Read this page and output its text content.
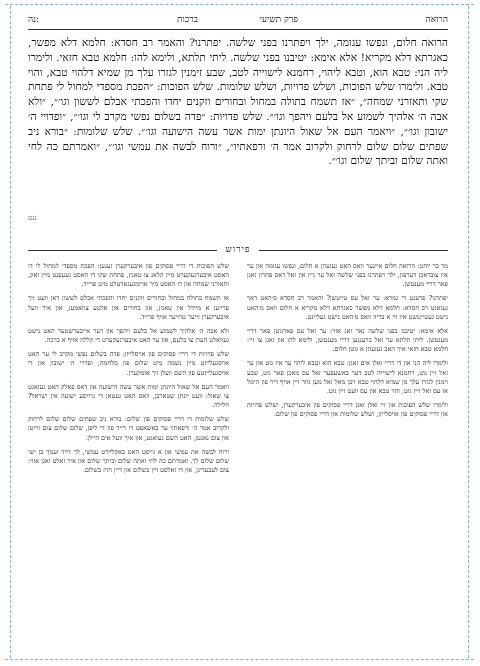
הרואה
פרק תשיעי
ברכות
נה:

הרואה חלום, ונפשו עגומה, ילך ויפתרנו בפני שלשה. יפתרנו? והאמר רב חסדא: חלמא דלא מפשר, כאגרתא דלא מקריא! אלא אימא: יטיבנו בפני שלשה. ליתי תלתא, ולימא להו: חלמא טבא חזאי. ולימרו ליה הני: טבא הוא, וטבא ליהוי, רחמנא לישוייה לטב, שבע זימנין לגזרו עלך מן שמיא דלהוי טבא, והוי טבא. ולימרו שלש הפוכות, ושלש פדויות, ושלש שלומות. שלש הפוכות: ״הפכת מספדי למחול לי פתחת שקי ותאזרני שמחה״, ״אז תשמח בתולה במחול ובחורים וזקנים יחדו והפכתי אבלם לששון וגו׳״, ״ולא אבה ה׳ אלהיך לשמוע אל בלעם ויהפך וגו׳״. שלש פדויות: ״פדה בשלום נפשי מקרב לי וגו׳״, ״ופדויי ה׳ ישובון וגו׳״, ״ויאמר העם אל שאול היונתן ימות אשר עשה הישועה וגו׳״. שלש שלומות: ״בורא ניב שפתים שלום שלום לרחוק ולקרוב אמר ה׳ ורפאתיו״, ״ורוח לבשה את עמשי וגו׳״, ״ואמרתם כה לחי ואתה שלום וביתך שלום וגו׳״.

ננט
פירוש

מר בר יוחנן: הרואה חלום איינער וואס האט געזעהן א חלום, ונפשו עגומה און ער איז צובראכן דערפון, ילך ויפתרנו בפני שלשה זאל ער גיין און זאל דאס פתרון זאגן פאר דריי מענטשן.

יפתרנו? פרעגט די גמרא: ער זאל עס טייטשן? והאמר רב חסדא ס׳האט דאך געזאגט רב חסדא: חלמא דלא מפשר כאגרתא דלא מקריא א חלום וואס מ׳האט נישט געטייטשט איז ווי א בריוו וואס מ׳האט נישט געליינט.

אלא אימא: יטיבנו בפני שלשה נאר זאג אזוי: ער זאל עס פארגוטן פאר דריי מענטשן. ליתי תלתא ער זאל ברענגען דריי מענטשן, ולימא להו און זאגן צו זיי: חלמא טבא חזאי איך האב געזעהן א גוטן חלום.

ולימרו ליה הני און די דריי זאלן אים זאגן: טבא הוא וטבא ליהוי ער איז גוט און ער זאל זיין גוט, רחמנא לישוייה לטב דער באשעפער זאל עס מאכן פאר גוט, שבע זימנין לגזרו עלך מן שמיא דלהוי טבא זיבן מאל זאל מען גוזר זיין אויף דיר פון הימל אז עס זאל זיין גוט, והוי טבא און עס וועט זיין גוט.

ולימרו שלש הפוכות און זיי זאלן זאגן דריי פסוקים פון איבערקערן, ושלש פדויות און דריי פסוקים פון אויסלייזן, ושלש שלומות און דריי פסוקים פון שלום.

שלש הפוכות די דריי פסוקים פון איבערקערן זענען: הפכת מספדי למחול לי דו האסט איבערגעקערט מיין קלאג צו טאנץ, פתחת שקי דו האסט געעפנט מיין זאק, ותאזרני שמחה און דו האסט מיך ארומגעגארטלט מיט פרייד.

אז תשמח בתולה במחול ובחורים וזקנים יחדו והפכתי אבלם לששון דאן וועט זיך פרייען א מיידל אין טאנץ, און בחורים און אלטע צוזאמען, און איך וועל איבערקערן זייער טרויער אויף פרייד.

ולא אבה ה׳ אלהיך לשמוע אל בלעם ויהפך און דער אייבערשטער האט נישט געוואלט הערן צו בלעם, און ער האט איבערגעקערט די קללה אויף א ברכה.

שלש פדויות די דריי פסוקים פון אויסלייזן: פדה בשלום נפשי מקרב לי ער האט אויסגעלייזט מיין נשמה מיט שלום פון מלחמה, ופדויי ה׳ ישובון און די אויסגעלייזטע פון השם וועלן זיך אומקערן.

ויאמר העם אל שאול היונתן ימות אשר עשה הישועה און דאס פאלק האט געזאגט צו שאול: וועט יונתן שטארבן, וואס האט געטאן די גרויסע ישועה אין ישראל? חלילה.

שלש שלומות די דריי פסוקים פון שלום: בורא ניב שפתים שלום שלום לרחוק ולקרוב אמר ה׳ ורפאתיו ער באשאפט די רייד פון די ליפן, שלום שלום צום ווייטן און צום נאנטן, האט השם געזאגט, און איך וועל אים היילן.

ורוח לבשה את עמשי און א גייסט האט באקליידט עמשי, לך דויד ועמך בן ישי שלום שלום לך. ואמרתם כה לחי ואתה שלום וביתך שלום און איר זאלט זאגן אזוי: צום לעבעדיגן, און דו זאלסט זיין בשלום און דיין הויז בשלום.
